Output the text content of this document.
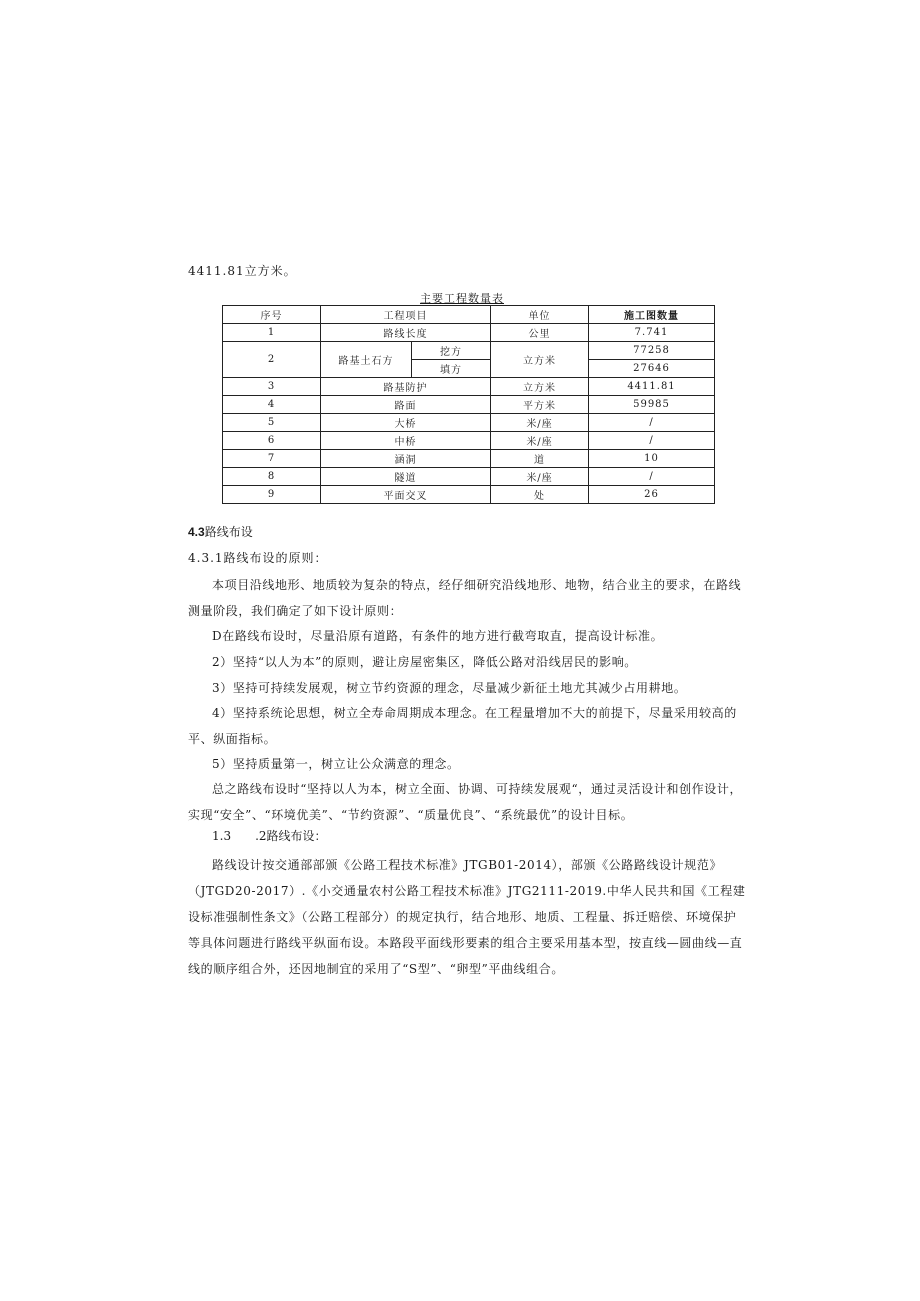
4411.81立方米。
主要工程数量表
序号	工程项目		单位	施工图数量
1	路线长度		公里	7.741
2	路基土石方	挖方	立方米	77258
		填方		27646
3	路基防护		立方米	4411.81
4	路面		平方米	59985
5	大桥		米/座	/
6	中桥		米/座	/
7	涵洞		道	10
8	隧道		米/座	/
9	平面交叉		处	26
4.3路线布设
4.3.1路线布设的原则：

本项目沿线地形、地质较为复杂的特点，经仔细研究沿线地形、地物，结合业主的要求，在路线测量阶段，我们确定了如下设计原则：

D在路线布设时，尽量沿原有道路，有条件的地方进行截弯取直，提高设计标准。
2）坚持“以人为本”的原则，避让房屋密集区，降低公路对沿线居民的影响。
3）坚持可持续发展观，树立节约资源的理念，尽量减少新征土地尤其减少占用耕地。

4）坚持系统论思想，树立全寿命周期成本理念。在工程量增加不大的前提下，尽量采用较高的平、纵面指标。

5）坚持质量第一，树立让公众满意的理念。

总之路线布设时“坚持以人为本，树立全面、协调、可持续发展观“，通过灵活设计和创作设计，实现“安全”、“环境优美”、“节约资源”、“质量优良”、“系统最优”的设计目标。

1.3 .2路线布设：

路线设计按交通部部颁《公路工程技术标准》JTGB01-2014），部颁《公路路线设计规范》（JTGD20-2017）.《小交通量农村公路工程技术标准》JTG2111-2019.中华人民共和国《工程建设标准强制性条文》（公路工程部分）的规定执行，结合地形、地质、工程量、拆迁赔偿、环境保护等具体问题进行路线平纵面布设。本路段平面线形要素的组合主要采用基本型，按直线—圆曲线—直线的顺序组合外，还因地制宜的采用了“S型”、“卵型”平曲线组合。
